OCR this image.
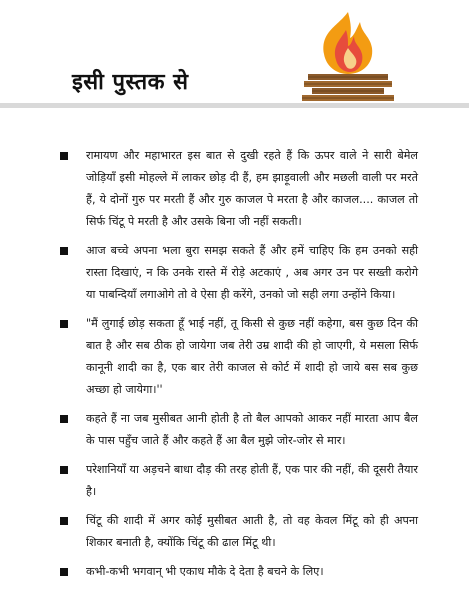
इसी पुस्तक से
रामायण और महाभारत इस बात से दुखी रहते हैं कि ऊपर वाले ने सारी बेमेल जोड़ियाँ इसी मोहल्ले में लाकर छोड़ दी हैं, हम झाड़ूवाली और मछली वाली पर मरते हैं, ये दोनों गुरु पर मरती हैं और गुरु काजल पे मरता है और काजल.... काजल तो सिर्फ चिंटू पे मरती है और उसके बिना जी नहीं सकती।
आज बच्चे अपना भला बुरा समझ सकते हैं और हमें चाहिए कि हम उनको सही रास्ता दिखाएं, न कि उनके रास्ते में रोड़े अटकाएं , अब अगर उन पर सख्ती करोगे या पाबन्दियाँ लगाओगे तो वे ऐसा ही करेंगे, उनको जो सही लगा उन्होंने किया।
"मैं लुगाई छोड़ सकता हूँ भाई नहीं, तू किसी से कुछ नहीं कहेगा, बस कुछ दिन की बात है और सब ठीक हो जायेगा जब तेरी उम्र शादी की हो जाएगी, ये मसला सिर्फ कानूनी शादी का है, एक बार तेरी काजल से कोर्ट में शादी हो जाये बस सब कुछ अच्छा हो जायेगा।''
कहते हैं ना जब मुसीबत आनी होती है तो बैल आपको आकर नहीं मारता आप बैल के पास पहुँच जाते हैं और कहते हैं आ बैल मुझे जोर-जोर से मार।
परेशानियाँ या अड़चने बाधा दौड़ की तरह होती हैं, एक पार की नहीं, की दूसरी तैयार है।
चिंटू की शादी में अगर कोई मुसीबत आती है, तो वह केवल मिंटू को ही अपना शिकार बनाती है, क्योंकि चिंटू की ढाल मिंटू थी।
कभी-कभी भगवान् भी एकाध मौके दे देता है बचने के लिए।
